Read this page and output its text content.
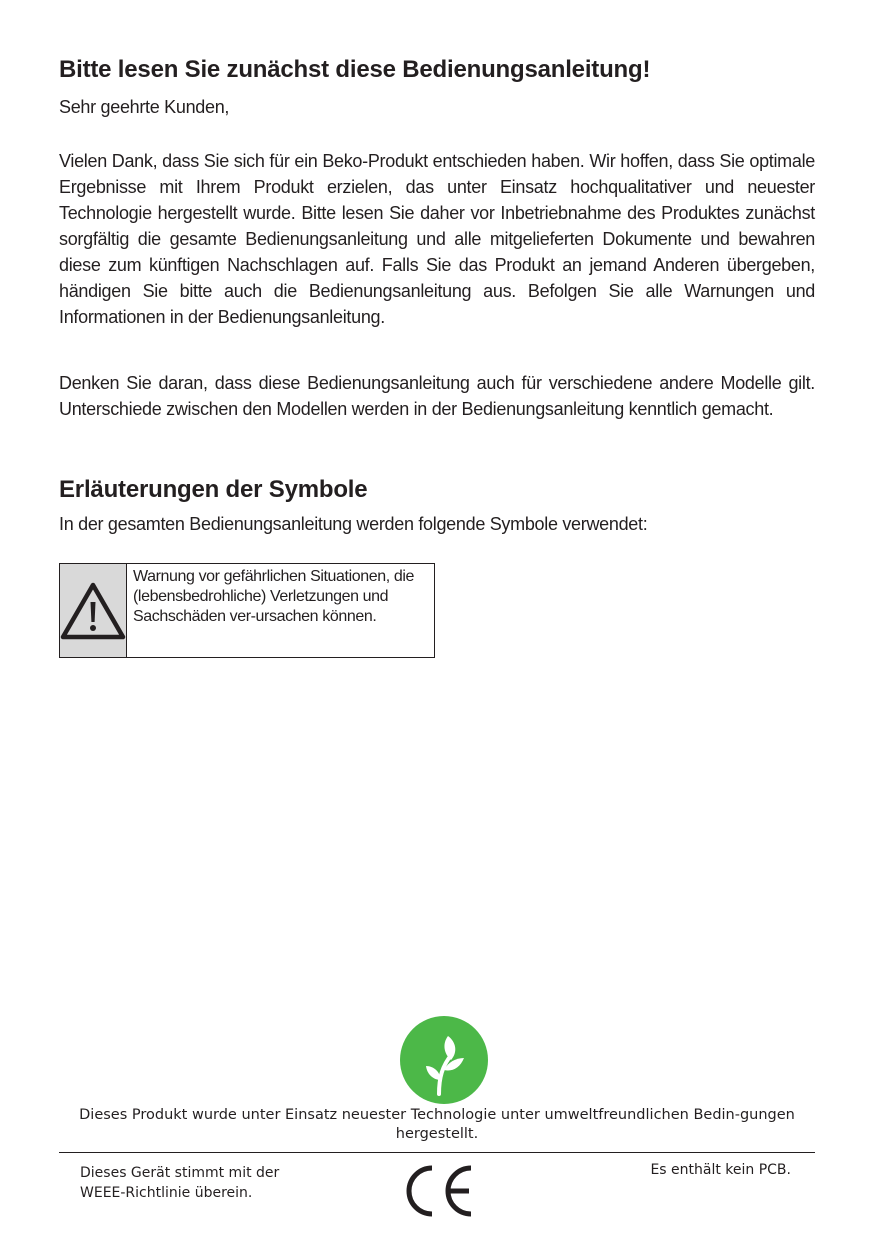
Bitte lesen Sie zunächst diese Bedienungsanleitung!

Sehr geehrte Kunden,

Vielen Dank, dass Sie sich für ein Beko-Produkt entschieden haben. Wir hoffen, dass Sie optimale Ergebnisse mit Ihrem Produkt erzielen, das unter Einsatz hochqualitativer und neuester Technologie hergestellt wurde. Bitte lesen Sie daher vor Inbetriebnahme des Produktes zunächst sorgfältig die gesamte Bedienungsanleitung und alle mitgelieferten Dokumente und bewahren diese zum künftigen Nachschlagen auf. Falls Sie das Produkt an jemand Anderen übergeben, händigen Sie bitte auch die Bedienungsanleitung aus. Befolgen Sie alle Warnungen und Informationen in der Bedienungsanleitung.

Denken Sie daran, dass diese Bedienungsanleitung auch für verschiedene andere Modelle gilt. Unterschiede zwischen den Modellen werden in der Bedienungsanleitung kenntlich gemacht.

Erläuterungen der Symbole

In der gesamten Bedienungsanleitung werden folgende Symbole verwendet:

Warnung vor gefährlichen Situationen, die (lebensbedrohliche) Verletzungen und Sachschäden ver-ursachen können.
Dieses Produkt wurde unter Einsatz neuester Technologie unter umweltfreundlichen Bedin-gungen hergestellt.
Dieses Gerät stimmt mit der WEEE-Richtlinie überein.
Es enthält kein PCB.
